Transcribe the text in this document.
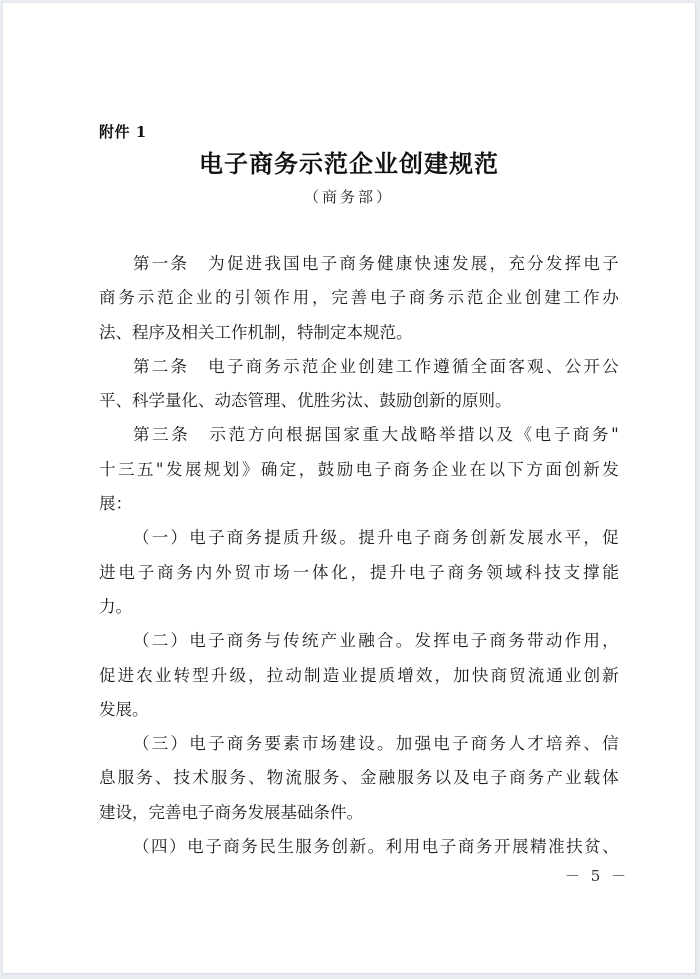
附件 1
电子商务示范企业创建规范
（商务部）
第 一 条
　 为 促 进 我 国 电 子 商 务 健 康 快 速 发 展 ， 充 分 发 挥 电 子
商 务 示 范 企 业 的 引 领 作 用 ， 完 善 电 子 商 务 示 范 企 业 创 建 工 作 办
法、程序及相关工作机制，特制定本规范。
第 二 条
　 电 子 商 务 示 范 企 业 创 建 工 作 遵 循 全 面 客 观 、 公 开 公
平、科学量化、动态管理、优胜劣汰、鼓励创新的原则。
第 三 条
　 示 范 方 向 根 据 国 家 重 大 战 略 举 措 以 及 《 电 子 商 务 "
十 三 五 " 发 展 规 划 》 确 定 ， 鼓 励 电 子 商 务 企 业 在 以 下 方 面 创 新 发
展：
（ 一 ） 电 子 商 务 提 质 升 级 。 提 升 电 子 商 务 创 新 发 展 水 平 ， 促
进 电 子 商 务 内 外 贸 市 场 一 体 化 ， 提 升 电 子 商 务 领 域 科 技 支 撑 能
力。
（ 二 ） 电 子 商 务 与 传 统 产 业 融 合 。 发 挥 电 子 商 务 带 动 作 用 ，
促 进 农 业 转 型 升 级 ， 拉 动 制 造 业 提 质 增 效 ， 加 快 商 贸 流 通 业 创 新
发展。
（ 三 ） 电 子 商 务 要 素 市 场 建 设 。 加 强 电 子 商 务 人 才 培 养 、 信
息 服 务 、 技 术 服 务 、 物 流 服 务 、 金 融 服 务 以 及 电 子 商 务 产 业 载 体
建设，完善电子商务发展基础条件。
（ 四 ） 电 子 商 务 民 生 服 务 创 新 。 利 用 电 子 商 务 开 展 精 准 扶 贫 、
－ 5 －
